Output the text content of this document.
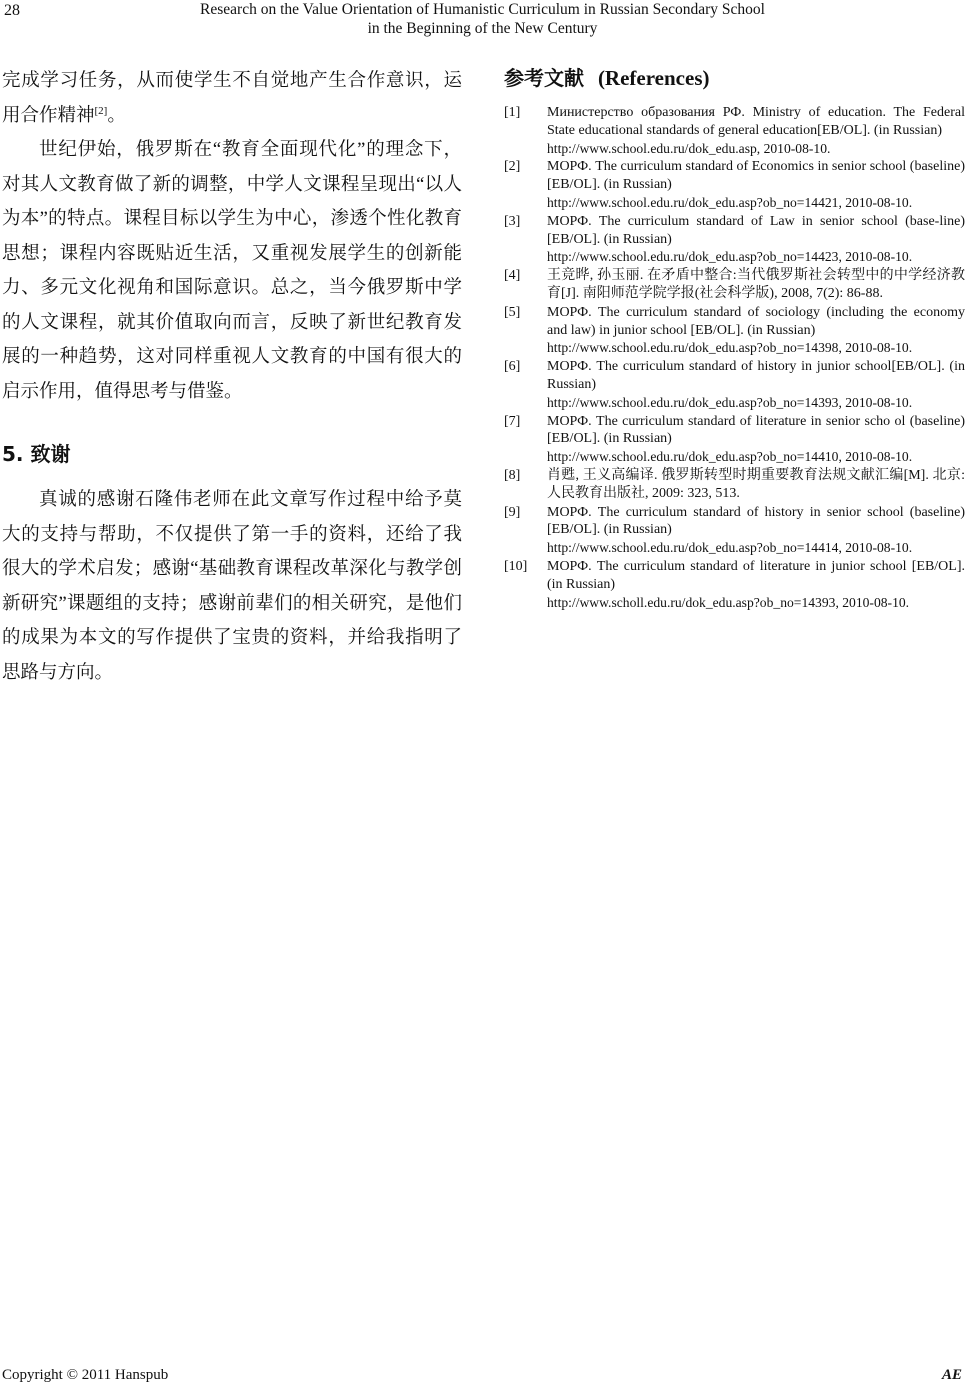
28	Research on the Value Orientation of Humanistic Curriculum in Russian Secondary School
in the Beginning of the New Century

完成学习任务，从而使学生不自觉地产生合作意识，运用合作精神[2]。

世纪伊始，俄罗斯在“教育全面现代化”的理念下，对其人文教育做了新的调整，中学人文课程呈现出“以人为本”的特点。课程目标以学生为中心，渗透个性化教育思想；课程内容既贴近生活，又重视发展学生的创新能力、多元文化视角和国际意识。总之，当今俄罗斯中学的人文课程，就其价值取向而言，反映了新世纪教育发展的一种趋势，这对同样重视人文教育的中国有很大的启示作用，值得思考与借鉴。

5. 致谢

真诚的感谢石隆伟老师在此文章写作过程中给予莫大的支持与帮助，不仅提供了第一手的资料，还给了我很大的学术启发；感谢“基础教育课程改革深化与教学创新研究”课题组的支持；感谢前辈们的相关研究，是他们的成果为本文的写作提供了宝贵的资料，并给我指明了思路与方向。

参考文献 (References)
[1]	Министерство образования РФ. Ministry of education. The Federal State educational standards of general education[EB/OL]. (in Russian)
http://www.school.edu.ru/dok_edu.asp, 2010-08-10.
[2]	МОРФ. The curriculum standard of Economics in senior school (baseline)[EB/OL]. (in Russian)
http://www.school.edu.ru/dok_edu.asp?ob_no=14421, 2010-08-10.
[3]	МОРФ. The curriculum standard of Law in senior school (base-line)[EB/OL]. (in Russian)
http://www.school.edu.ru/dok_edu.asp?ob_no=14423, 2010-08-10.
[4]	王竞晔, 孙玉丽. 在矛盾中整合:当代俄罗斯社会转型中的中学经济教育[J]. 南阳师范学院学报(社会科学版), 2008, 7(2): 86-88.
[5]	МОРФ. The curriculum standard of sociology (including the economy and law) in junior school [EB/OL]. (in Russian)
http://www.school.edu.ru/dok_edu.asp?ob_no=14398, 2010-08-10.
[6]	МОРФ. The curriculum standard of history in junior school[EB/OL]. (in Russian)
http://www.school.edu.ru/dok_edu.asp?ob_no=14393, 2010-08-10.
[7]	МОРФ. The curriculum standard of literature in senior scho ol (baseline)[EB/OL]. (in Russian)
http://www.school.edu.ru/dok_edu.asp?ob_no=14410, 2010-08-10.
[8]	肖甦, 王义高编译. 俄罗斯转型时期重要教育法规文献汇编[M]. 北京: 人民教育出版社, 2009: 323, 513.
[9]	МОРФ. The curriculum standard of history in senior school (baseline)[EB/OL]. (in Russian)
http://www.school.edu.ru/dok_edu.asp?ob_no=14414, 2010-08-10.
[10]	МОРФ. The curriculum standard of literature in junior school [EB/OL]. (in Russian)
http://www.scholl.edu.ru/dok_edu.asp?ob_no=14393, 2010-08-10.
Copyright © 2011 Hanspub	AE
